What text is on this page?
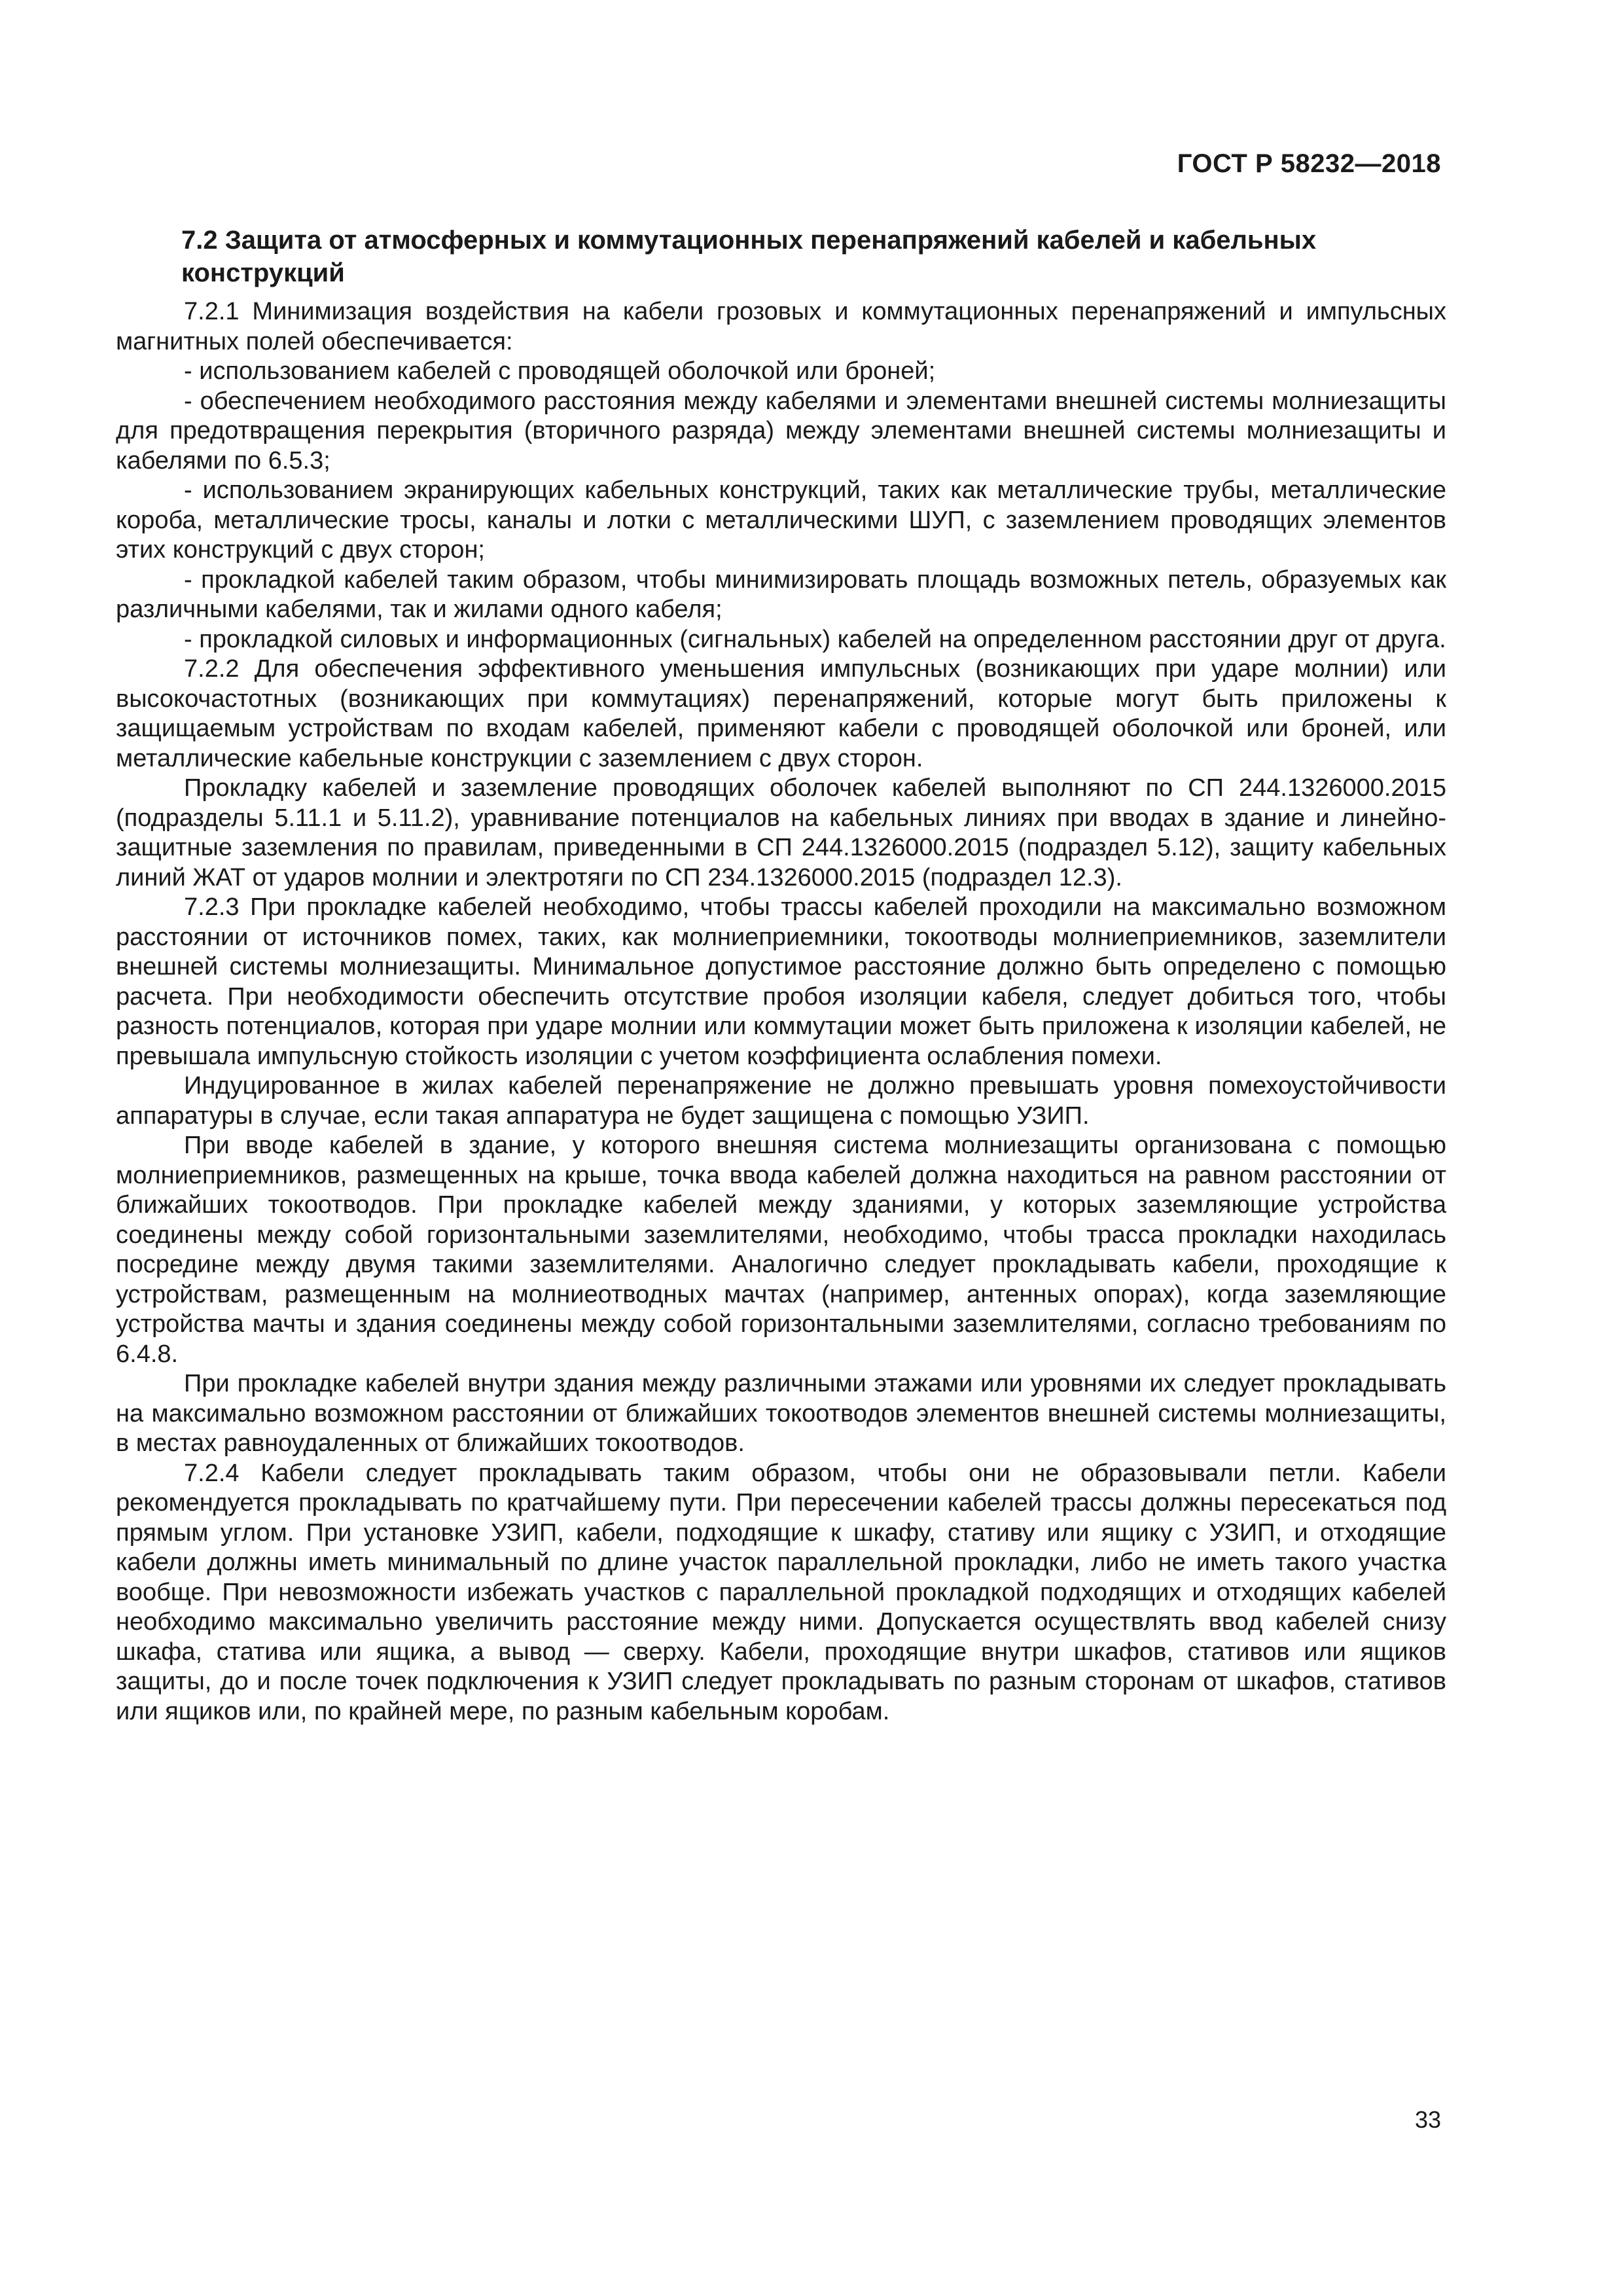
ГОСТ Р 58232—2018
7.2 Защита от атмосферных и коммутационных перенапряжений кабелей и кабельных конструкций

7.2.1 Минимизация воздействия на кабели грозовых и коммутационных перенапряжений и импульсных магнитных полей обеспечивается:

- использованием кабелей с проводящей оболочкой или броней;

- обеспечением необходимого расстояния между кабелями и элементами внешней системы молниезащиты для предотвращения перекрытия (вторичного разряда) между элементами внешней системы молниезащиты и кабелями по 6.5.3;

- использованием экранирующих кабельных конструкций, таких как металлические трубы, металлические короба, металлические тросы, каналы и лотки с металлическими ШУП, с заземлением проводящих элементов этих конструкций с двух сторон;

- прокладкой кабелей таким образом, чтобы минимизировать площадь возможных петель, образуемых как различными кабелями, так и жилами одного кабеля;

- прокладкой силовых и информационных (сигнальных) кабелей на определенном расстоянии друг от друга.

7.2.2 Для обеспечения эффективного уменьшения импульсных (возникающих при ударе молнии) или высокочастотных (возникающих при коммутациях) перенапряжений, которые могут быть приложены к защищаемым устройствам по входам кабелей, применяют кабели с проводящей оболочкой или броней, или металлические кабельные конструкции с заземлением с двух сторон.

Прокладку кабелей и заземление проводящих оболочек кабелей выполняют по СП 244.1326000.2015 (подразделы 5.11.1 и 5.11.2), уравнивание потенциалов на кабельных линиях при вводах в здание и линейно-защитные заземления по правилам, приведенными в СП 244.1326000.2015 (подраздел 5.12), защиту кабельных линий ЖАТ от ударов молнии и электротяги по СП 234.1326000.2015 (подраздел 12.3).

7.2.3 При прокладке кабелей необходимо, чтобы трассы кабелей проходили на максимально возможном расстоянии от источников помех, таких, как молниеприемники, токоотводы молниеприемников, заземлители внешней системы молниезащиты. Минимальное допустимое расстояние должно быть определено с помощью расчета. При необходимости обеспечить отсутствие пробоя изоляции кабеля, следует добиться того, чтобы разность потенциалов, которая при ударе молнии или коммутации может быть приложена к изоляции кабелей, не превышала импульсную стойкость изоляции с учетом коэффициента ослабления помехи.

Индуцированное в жилах кабелей перенапряжение не должно превышать уровня помехоустойчивости аппаратуры в случае, если такая аппаратура не будет защищена с помощью УЗИП.

При вводе кабелей в здание, у которого внешняя система молниезащиты организована с помощью молниеприемников, размещенных на крыше, точка ввода кабелей должна находиться на равном расстоянии от ближайших токоотводов. При прокладке кабелей между зданиями, у которых заземляющие устройства соединены между собой горизонтальными заземлителями, необходимо, чтобы трасса прокладки находилась посредине между двумя такими заземлителями. Аналогично следует прокладывать кабели, проходящие к устройствам, размещенным на молниеотводных мачтах (например, антенных опорах), когда заземляющие устройства мачты и здания соединены между собой горизонтальными заземлителями, согласно требованиям по 6.4.8.

При прокладке кабелей внутри здания между различными этажами или уровнями их следует прокладывать на максимально возможном расстоянии от ближайших токоотводов элементов внешней системы молниезащиты, в местах равноудаленных от ближайших токоотводов.

7.2.4 Кабели следует прокладывать таким образом, чтобы они не образовывали петли. Кабели рекомендуется прокладывать по кратчайшему пути. При пересечении кабелей трассы должны пересекаться под прямым углом. При установке УЗИП, кабели, подходящие к шкафу, стативу или ящику с УЗИП, и отходящие кабели должны иметь минимальный по длине участок параллельной прокладки, либо не иметь такого участка вообще. При невозможности избежать участков с параллельной прокладкой подходящих и отходящих кабелей необходимо максимально увеличить расстояние между ними. Допускается осуществлять ввод кабелей снизу шкафа, статива или ящика, а вывод — сверху. Кабели, проходящие внутри шкафов, стативов или ящиков защиты, до и после точек подключения к УЗИП следует прокладывать по разным сторонам от шкафов, стативов или ящиков или, по крайней мере, по разным кабельным коробам.

33
